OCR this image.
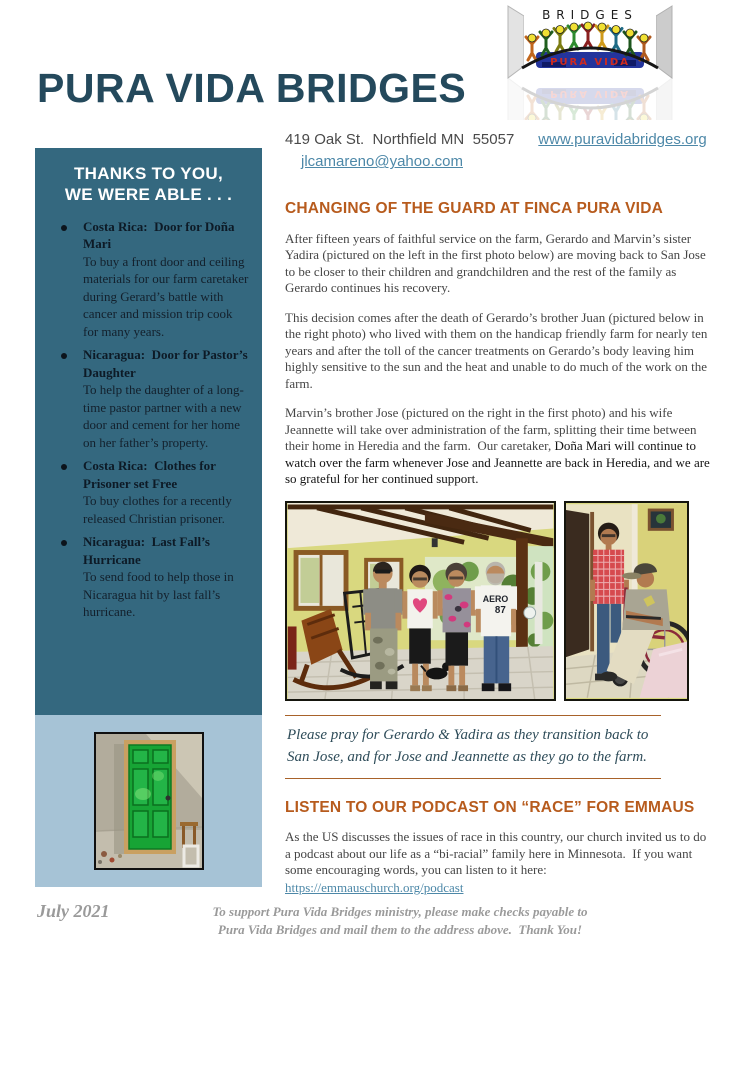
BRIDGES
PURA VIDA
PURA VIDA BRIDGES
419 Oak St.  Northfield MN  55057 www.puravidabridges.org
jlcamareno@yahoo.com
THANKS TO YOU,
WE WERE ABLE . . .
Costa Rica:  Door for Doña Mari
To buy a front door and ceiling materials for our farm caretaker during Gerard’s battle with cancer and mission trip cook for many years.
Nicaragua:  Door for Pastor’s Daughter
To help the daughter of a long-time pastor partner with a new door and cement for her home on her father’s property.
Costa Rica:  Clothes for Prisoner set Free
To buy clothes for a recently released Christian prisoner.
Nicaragua:  Last Fall’s Hurricane
To send food to help those in Nicaragua hit by last fall’s hurricane.
CHANGING OF THE GUARD AT FINCA PURA VIDA

After fifteen years of faithful service on the farm, Gerardo and Marvin’s sister Yadira (pictured on the left in the first photo below) are moving back to San Jose to be closer to their children and grandchildren and the rest of the family as Gerardo continues his recovery.

This decision comes after the death of Gerardo’s brother Juan (pictured below in the right photo) who lived with them on the handicap friendly farm for nearly ten years and after the toll of the cancer treatments on Gerardo’s body leaving him highly sensitive to the sun and the heat and unable to do much of the work on the farm.

Marvin’s brother Jose (pictured on the right in the first photo) and his wife Jeannette will take over administration of the farm, splitting their time between their home in Heredia and the farm.  Our caretaker, Doña Mari will continue to watch over the farm whenever Jose and Jeannette are back in Heredia, and we are so grateful for her continued support.

AERO
87
Please pray for Gerardo & Yadira as they transition back to
San Jose, and for Jose and Jeannette as they go to the farm.
LISTEN TO OUR PODCAST ON “RACE” FOR EMMAUS

As the US discusses the issues of race in this country, our church invited us to do a podcast about our life as a “bi-racial” family here in Minnesota.  If you want some encouraging words, you can listen to it here:
https://emmauschurch.org/podcast

July 2021	To support Pura Vida Bridges ministry, please make checks payable to
Pura Vida Bridges and mail them to the address above.  Thank You!
